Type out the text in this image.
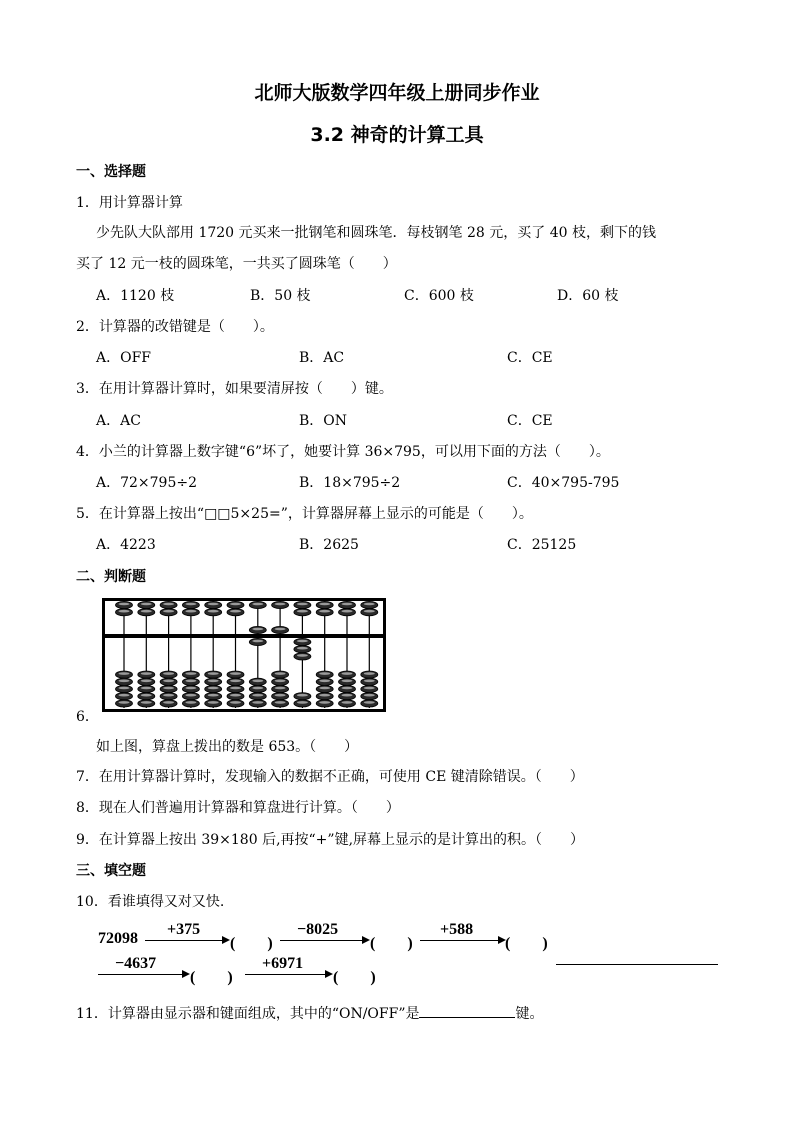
北师大版数学四年级上册同步作业
3.2 神奇的计算工具
一、选择题
1．用计算器计算
少先队大队部用 1720 元买来一批钢笔和圆珠笔．每枝钢笔 28 元，买了 40 枝，剩下的钱
买了 12 元一枝的圆珠笔，一共买了圆珠笔（　　）
A．1120 枝	B．50 枝	C．600 枝	D．60 枝
2．计算器的改错键是（　　）。
A．OFF	B．AC	C．CE
3．在用计算器计算时，如果要清屏按（　　）键。
A．AC	B．ON	C．CE
4．小兰的计算器上数字键“6”坏了，她要计算 36×795，可以用下面的方法（　　）。
A．72×795÷2	B．18×795÷2	C．40×795-795
5．在计算器上按出“□□5×25=”，计算器屏幕上显示的可能是（　　）。
A．4223	B．2625	C．25125
二、判断题
6．
如上图，算盘上拨出的数是 653。（　　）
7．在用计算器计算时，发现输入的数据不正确，可使用 CE 键清除错误。（　　）
8．现在人们普遍用计算器和算盘进行计算。（　　）
9．在计算器上按出 39×180 后,再按“+”键,屏幕上显示的是计算出的积。（　　）
三、填空题
10．看谁填得又对又快.
72098
+375
(　　)
−8025
(　　)
+588
(　　)
−4637
(　　)
+6971
(　　)
11．计算器由显示器和键面组成，其中的“ON/OFF”是	键。
